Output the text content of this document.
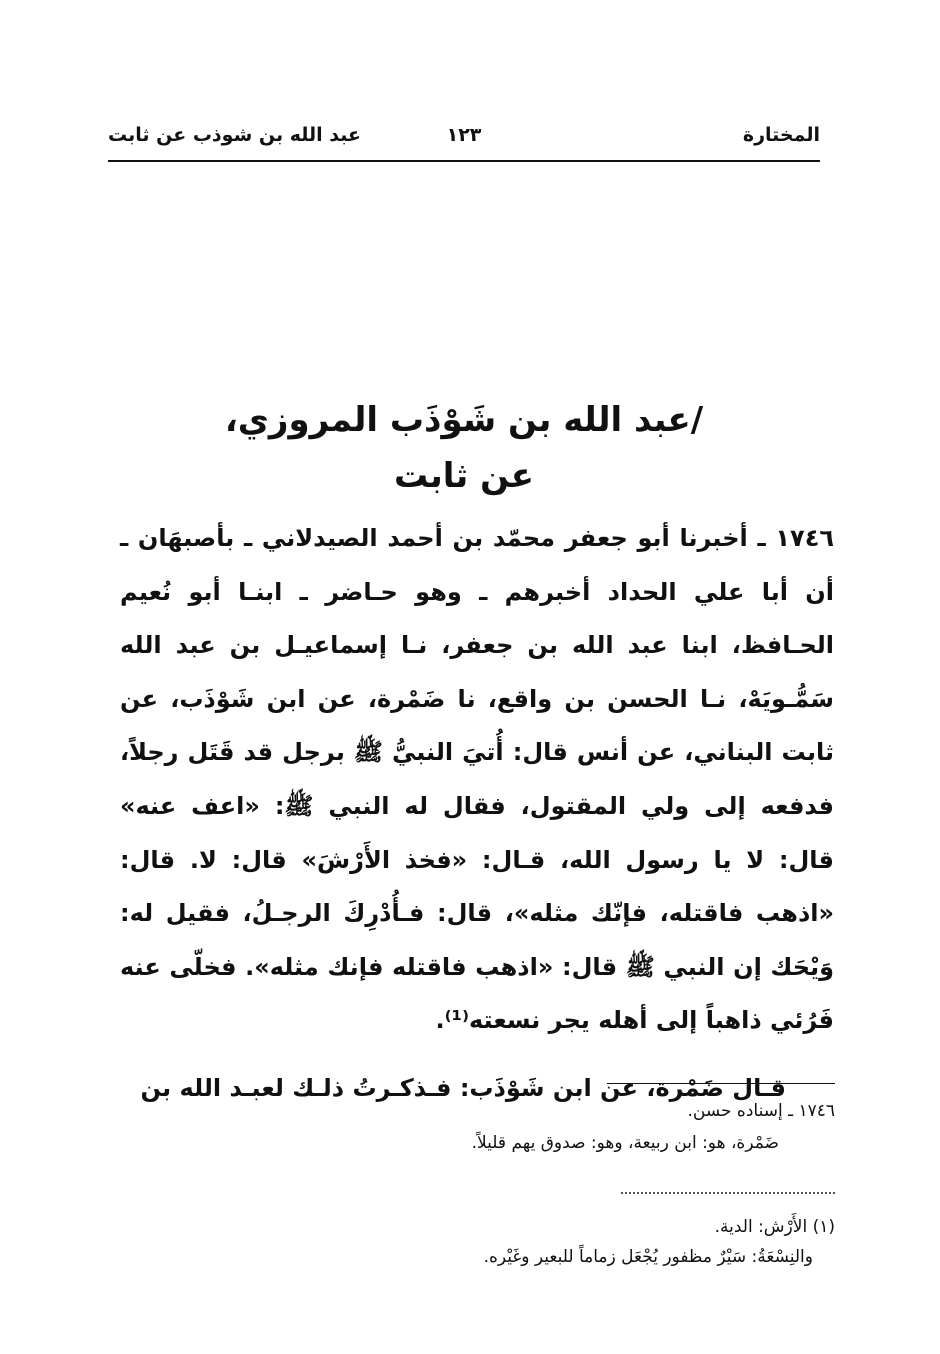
المختارة
١٢٣
عبد الله بن شوذب عن ثابت
/عبد الله بن شَوْذَب المروزي،
عن ثابت

١٧٤٦ ـ أخبرنا أبو جعفر محمّد بن أحمد الصيدلاني ـ بأصبهَان ـ أن أبا علي الحداد أخبرهم ـ وهو حـاضر ـ ابنـا أبو نُعيم الحـافظ، ابنا عبد الله بن جعفر، نـا إسماعيـل بن عبد الله سَمُّـويَهْ، نـا الحسن بن واقع، نا ضَمْرة، عن ابن شَوْذَب، عن ثابت البناني، عن أنس قال: أُتيَ النبيُّ ﷺ برجل قد قَتَل رجلاً، فدفعه إلى ولي المقتول، فقال له النبي ﷺ: «اعف عنه» قال: لا يا رسول الله، قـال: «فخذ الأَرْشَ» قال: لا. قال: «اذهب فاقتله، فإنّك مثله»، قال: فـأُدْرِكَ الرجـلُ، فقيل له: وَيْحَك إن النبي ﷺ قال: «اذهب فاقتله فإنك مثله». فخلّى عنه فَرُئي ذاهباً إلى أهله يجر نسعته⁽¹⁾.

قـال ضَمْرة، عن ابن شَوْذَب: فـذكـرتُ ذلـك لعبـد الله بن

١٧٤٦ ـ إسناده حسن.
ضَمْرة، هو: ابن ربيعة، وهو: صدوق يهم قليلاً.
(١) الأَرْش: الدية.
والنِسْعَةُ: سَيْرٌ مظفور يُجْعَل زماماً للبعير وغَيْره.
